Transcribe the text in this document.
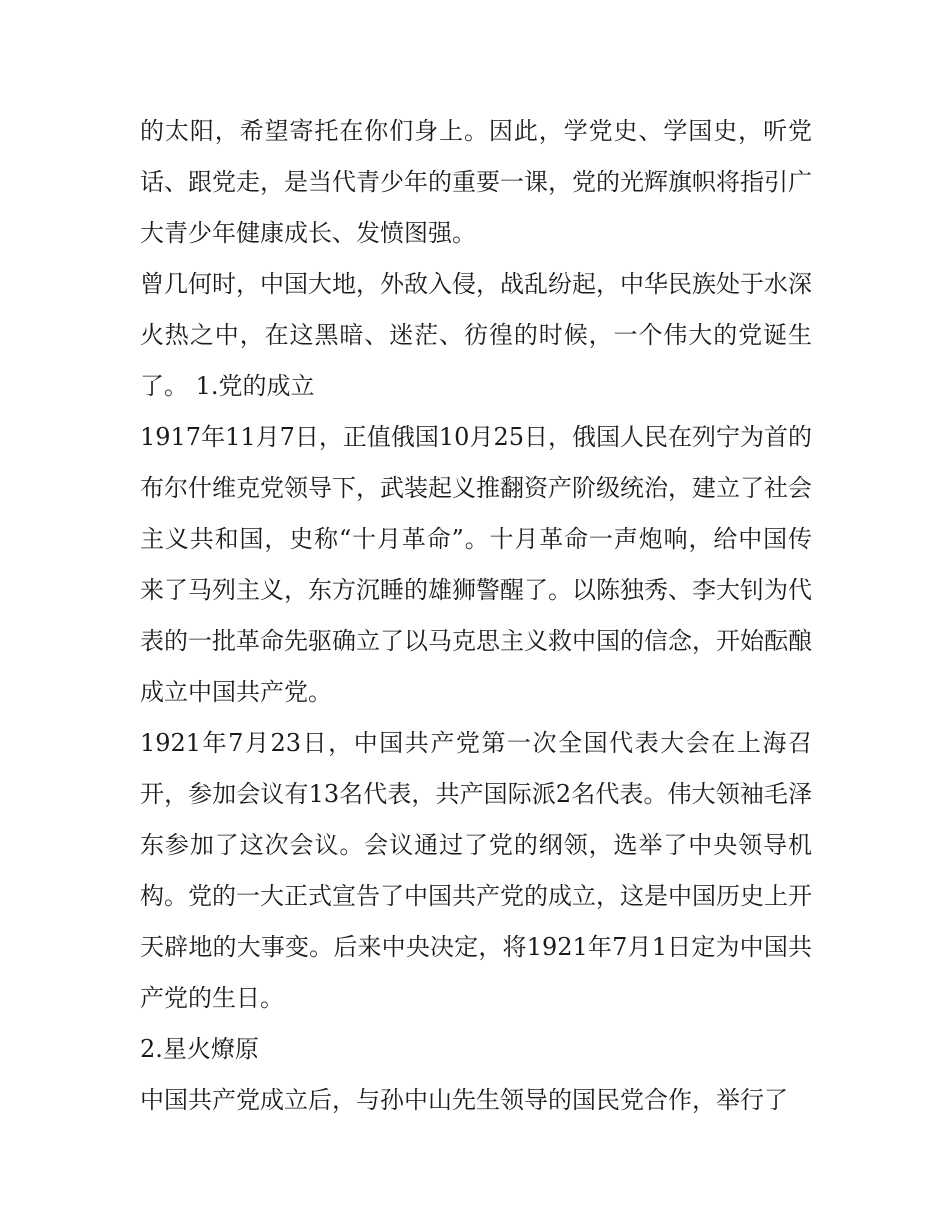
的太阳，希望寄托在你们身上。因此，学党史、学国史，听党话、跟党走，是当代青少年的重要一课，党的光辉旗帜将指引广大青少年健康成长、发愤图强。

曾几何时，中国大地，外敌入侵，战乱纷起，中华民族处于水深火热之中，在这黑暗、迷茫、彷徨的时候，一个伟大的党诞生了。 1.党的成立

1917年11月7日，正值俄国10月25日，俄国人民在列宁为首的布尔什维克党领导下，武装起义推翻资产阶级统治，建立了社会主义共和国，史称“十月革命”。十月革命一声炮响，给中国传来了马列主义，东方沉睡的雄狮警醒了。以陈独秀、李大钊为代表的一批革命先驱确立了以马克思主义救中国的信念，开始酝酿成立中国共产党。

1921年7月23日，中国共产党第一次全国代表大会在上海召开，参加会议有13名代表，共产国际派2名代表。伟大领袖毛泽东参加了这次会议。会议通过了党的纲领，选举了中央领导机构。党的一大正式宣告了中国共产党的成立，这是中国历史上开天辟地的大事变。后来中央决定，将1921年7月1日定为中国共产党的生日。

2.星火燎原

中国共产党成立后，与孙中山先生领导的国民党合作，举行了
